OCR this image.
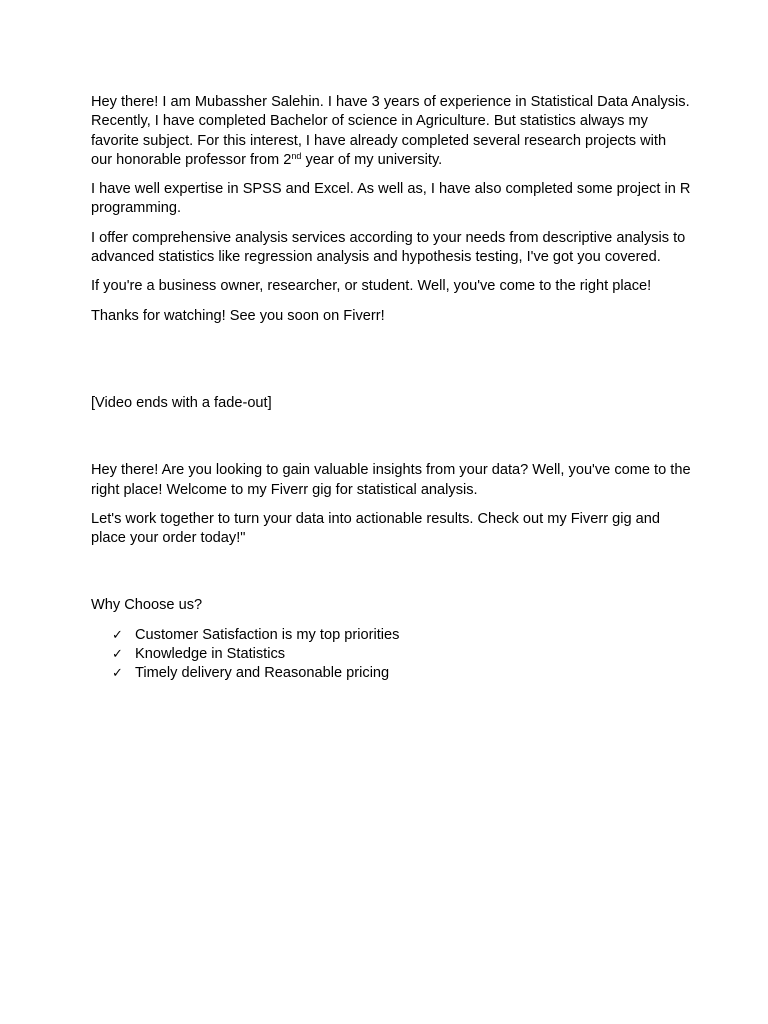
Hey there! I am Mubassher Salehin. I have 3 years of experience in Statistical Data Analysis. Recently, I have completed Bachelor of science in Agriculture. But statistics always my favorite subject. For this interest, I have already completed several research projects with our honorable professor from 2nd year of my university.

I have well expertise in SPSS and Excel. As well as, I have also completed some project in R programming.

I offer comprehensive analysis services according to your needs from descriptive analysis to advanced statistics like regression analysis and hypothesis testing, I've got you covered.

If you're a business owner, researcher, or student. Well, you've come to the right place!

Thanks for watching! See you soon on Fiverr!

[Video ends with a fade-out]

Hey there! Are you looking to gain valuable insights from your data? Well, you've come to the right place! Welcome to my Fiverr gig for statistical analysis.

Let's work together to turn your data into actionable results. Check out my Fiverr gig and place your order today!"

Why Choose us?

✓ Customer Satisfaction is my top priorities
✓ Knowledge in Statistics
✓ Timely delivery and Reasonable pricing
